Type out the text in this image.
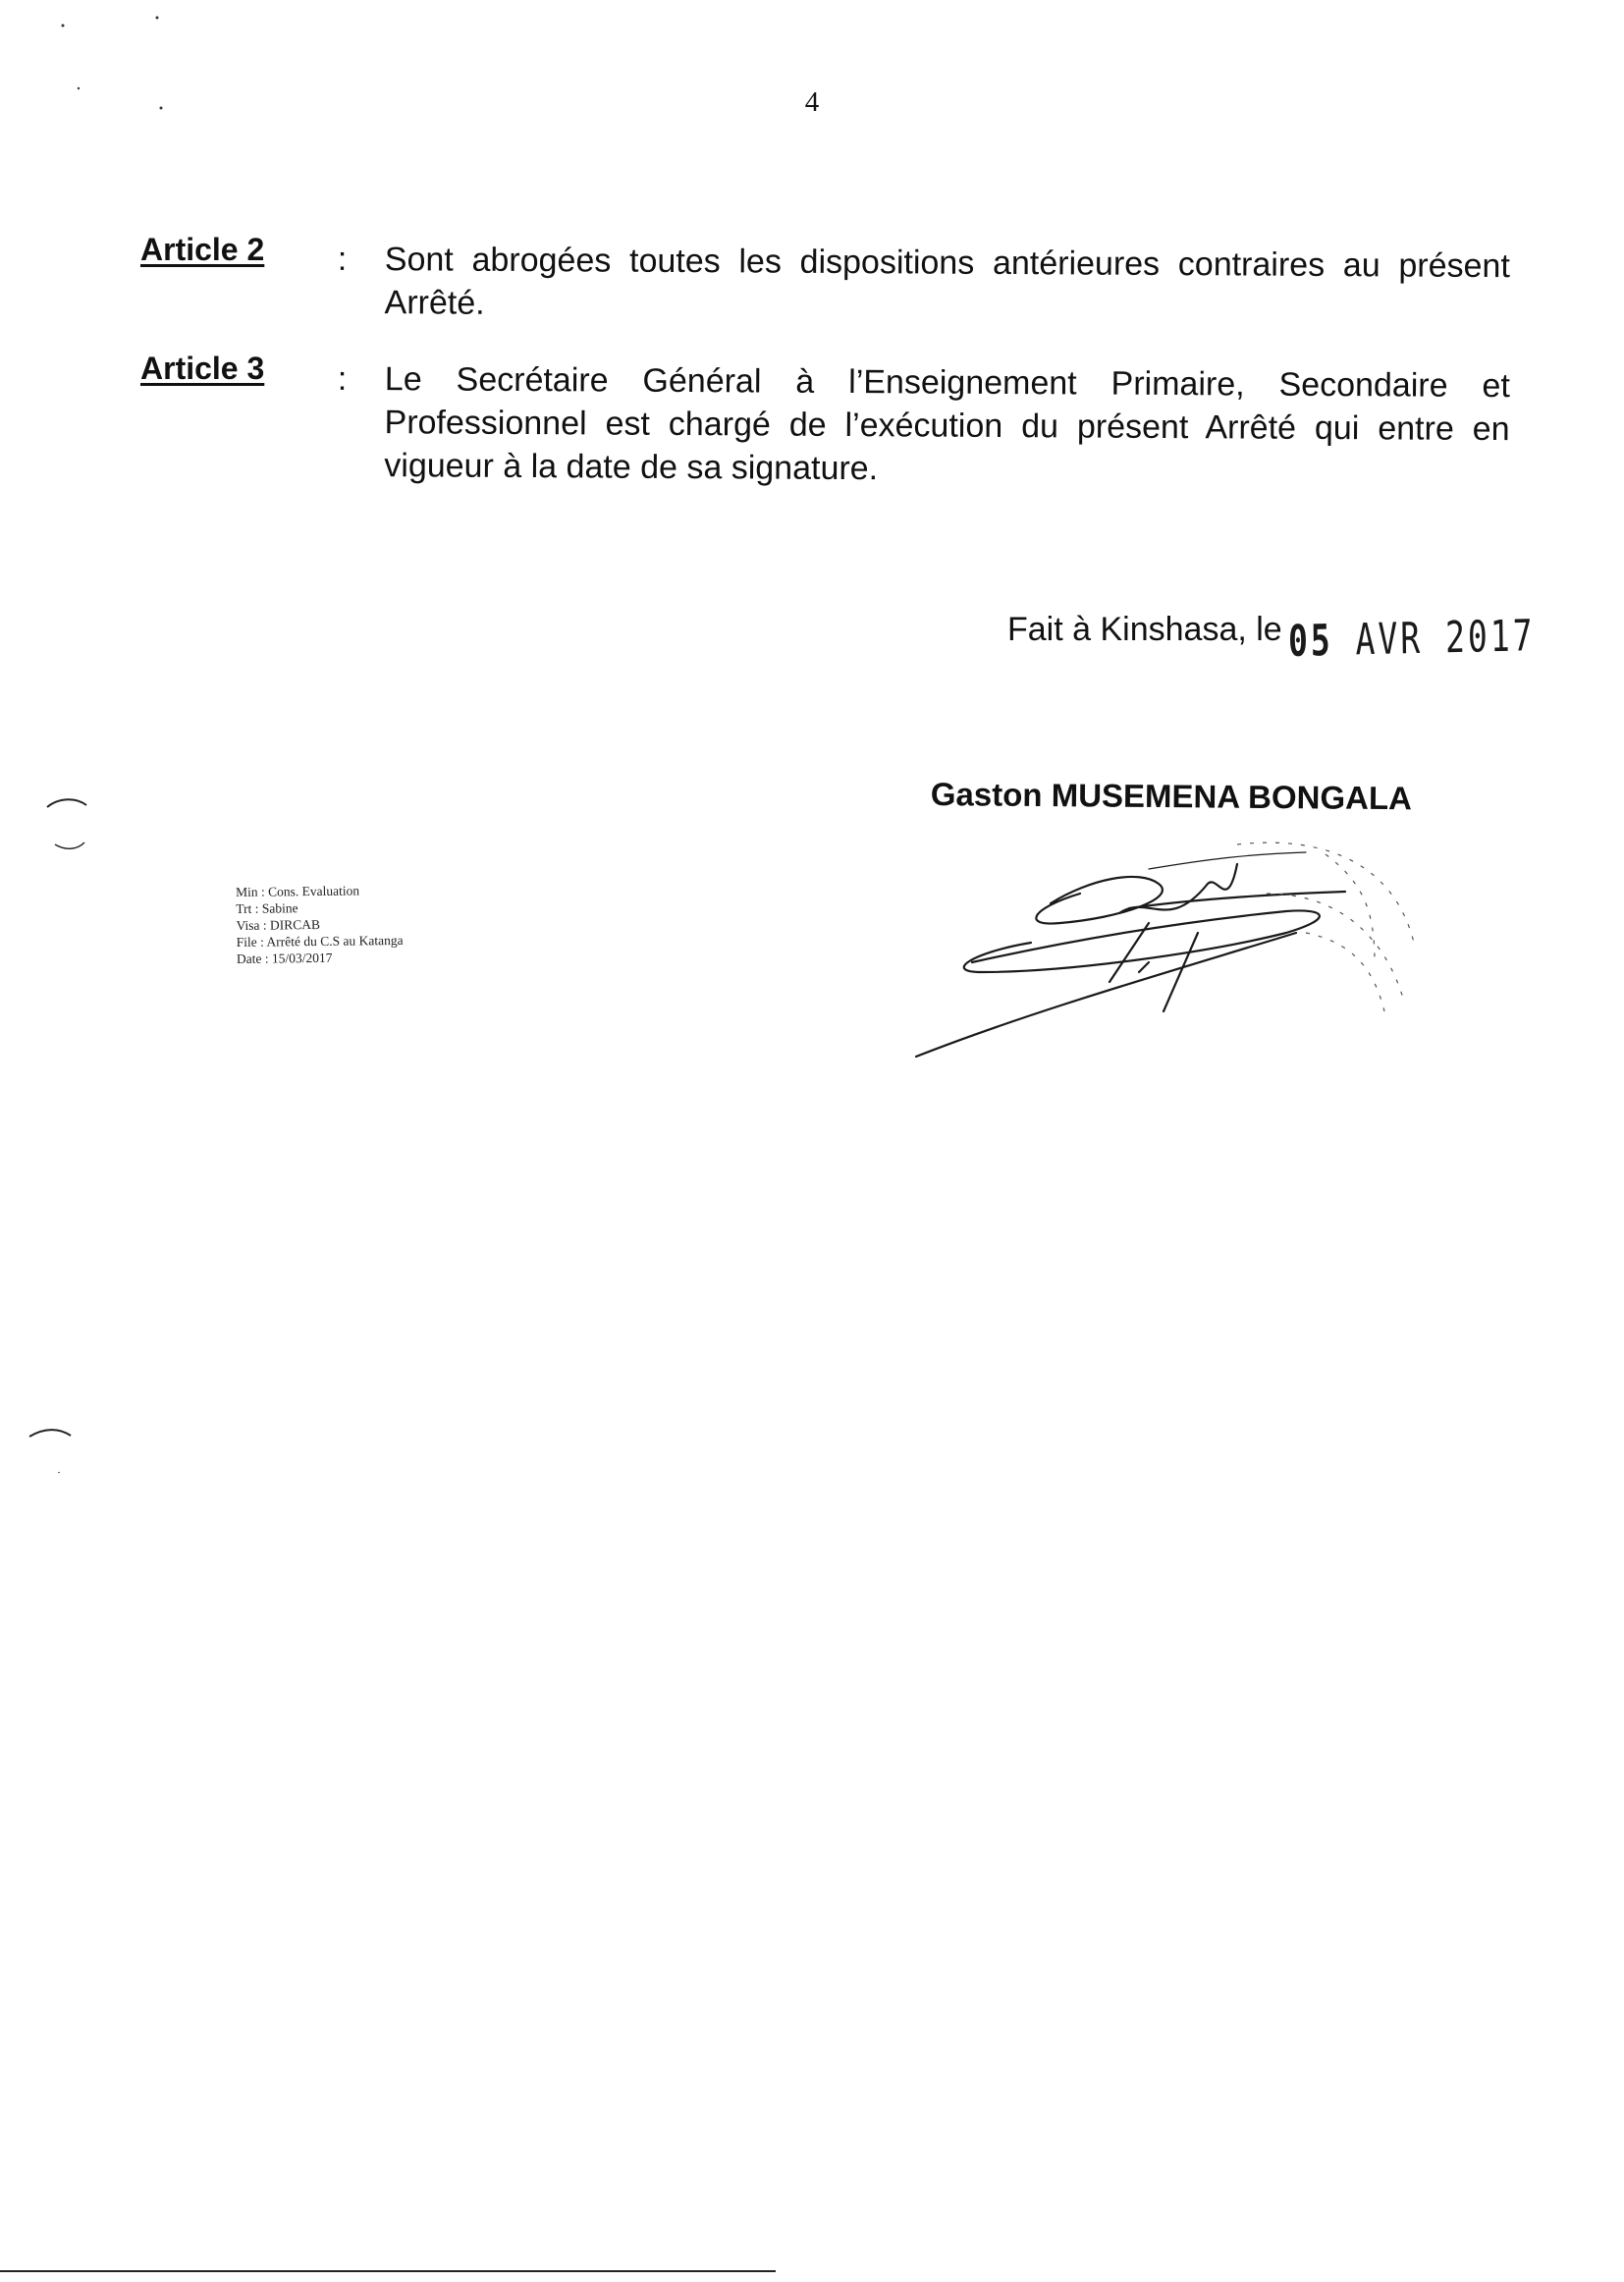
4
Article 2 : Sont abrogées toutes les dispositions antérieures contraires au présent Arrêté.

Article 3 : Le Secrétaire Général à l’Enseignement Primaire, Secondaire et Professionnel est chargé de l’exécution du présent Arrêté qui entre en vigueur à la date de sa signature.

Fait à Kinshasa, le 05 AVR 2017
Gaston MUSEMENA BONGALA
Min : Cons. Evaluation
Trt : Sabine
Visa : DIRCAB
File : Arrêté du C.S au Katanga
Date : 15/03/2017
